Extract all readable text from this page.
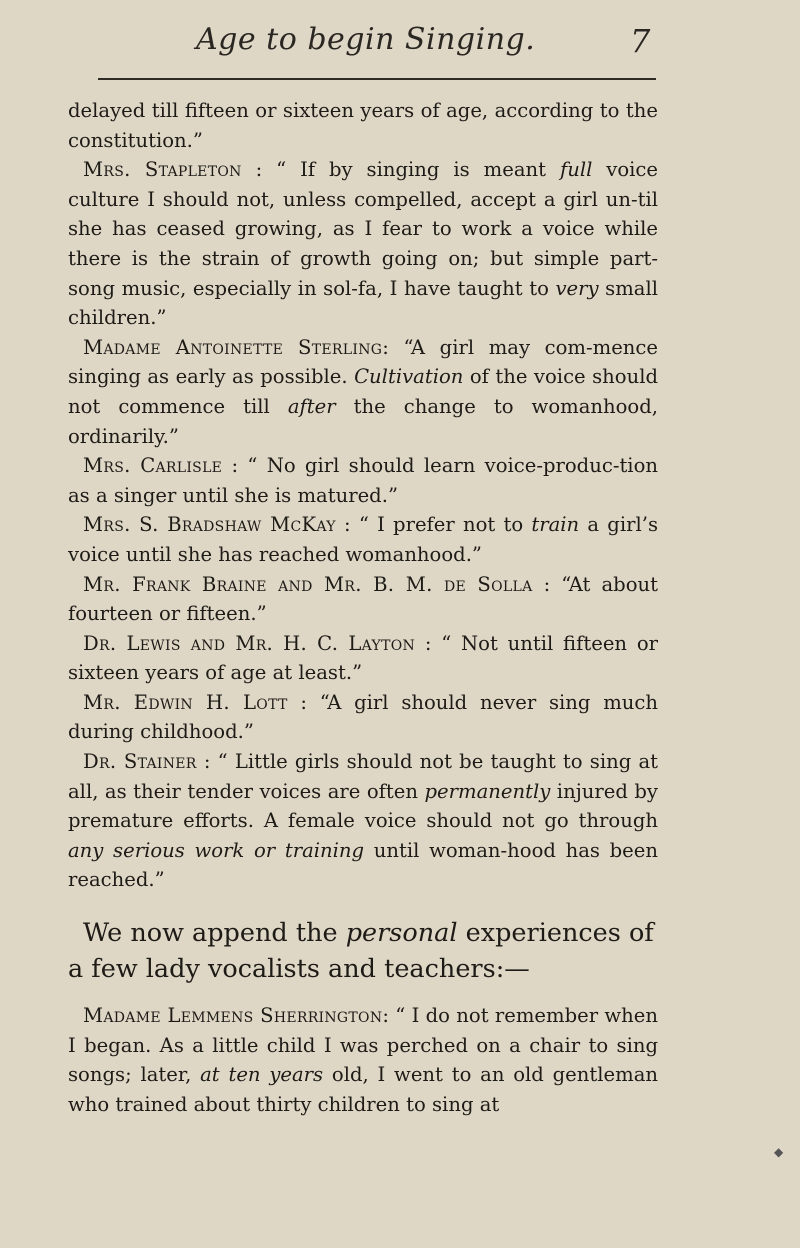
Age to begin Singing.	7

delayed till fifteen or sixteen years of age, according to the constitution.”

Mrs. Stapleton : “ If by singing is meant full voice culture I should not, unless compelled, accept a girl un-til she has ceased growing, as I fear to work a voice while there is the strain of growth going on; but simple part-song music, especially in sol-fa, I have taught to very small children.”

Madame Antoinette Sterling: “A girl may com-mence singing as early as possible. Cultivation of the voice should not commence till after the change to womanhood, ordinarily.”

Mrs. Carlisle : “ No girl should learn voice-produc-tion as a singer until she is matured.”

Mrs. S. Bradshaw McKay : “ I prefer not to train a girl’s voice until she has reached womanhood.”

Mr. Frank Braine and Mr. B. M. de Solla : “At about fourteen or fifteen.”

Dr. Lewis and Mr. H. C. Layton : “ Not until fifteen or sixteen years of age at least.”

Mr. Edwin H. Lott : “A girl should never sing much during childhood.”

Dr. Stainer : “ Little girls should not be taught to sing at all, as their tender voices are often permanently injured by premature efforts. A female voice should not go through any serious work or training until woman-hood has been reached.”

We now append the personal experiences of a few lady vocalists and teachers:—

Madame Lemmens Sherrington: “ I do not remember when I began. As a little child I was perched on a chair to sing songs; later, at ten years old, I went to an old gentleman who trained about thirty children to sing at

◆
